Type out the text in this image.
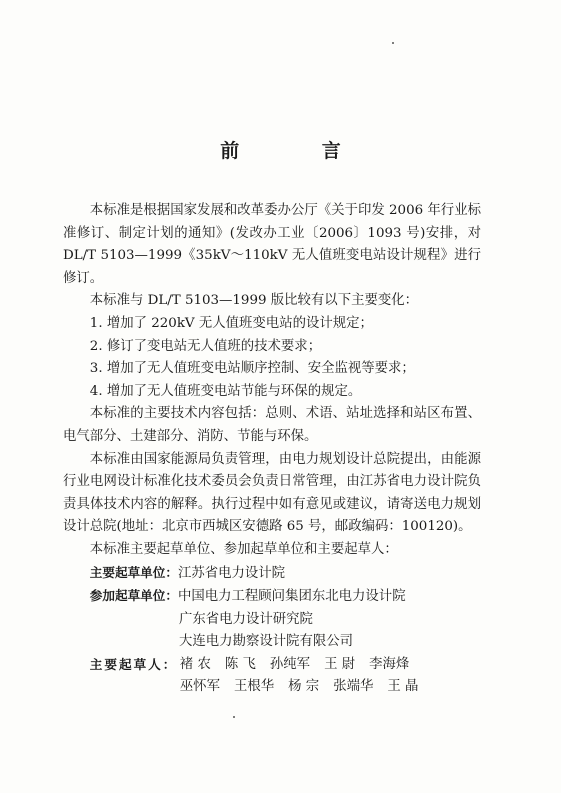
前 言

本标准是根据国家发展和改革委办公厅《关于印发 2006 年行业标准修订、制定计划的通知》(发改办工业〔2006〕1093 号)安排，对 DL/T 5103—1999《35kV～110kV 无人值班变电站设计规程》进行修订。

本标准与 DL/T 5103—1999 版比较有以下主要变化：

1. 增加了 220kV 无人值班变电站的设计规定；

2. 修订了变电站无人值班的技术要求；

3. 增加了无人值班变电站顺序控制、安全监视等要求；

4. 增加了无人值班变电站节能与环保的规定。

本标准的主要技术内容包括：总则、术语、站址选择和站区布置、电气部分、土建部分、消防、节能与环保。

本标准由国家能源局负责管理，由电力规划设计总院提出，由能源行业电网设计标准化技术委员会负责日常管理，由江苏省电力设计院负责具体技术内容的解释。执行过程中如有意见或建议，请寄送电力规划设计总院(地址：北京市西城区安德路 65 号，邮政编码：100120)。

本标准主要起草单位、参加起草单位和主要起草人：

主要起草单位：江苏省电力设计院

参加起草单位：中国电力工程顾问集团东北电力设计院

广东省电力设计研究院

大连电力勘察设计院有限公司

主要起草人： 褚 农 陈 飞 孙纯军 王 尉 李海烽

巫怀军 王根华 杨 宗 张端华 王 晶
